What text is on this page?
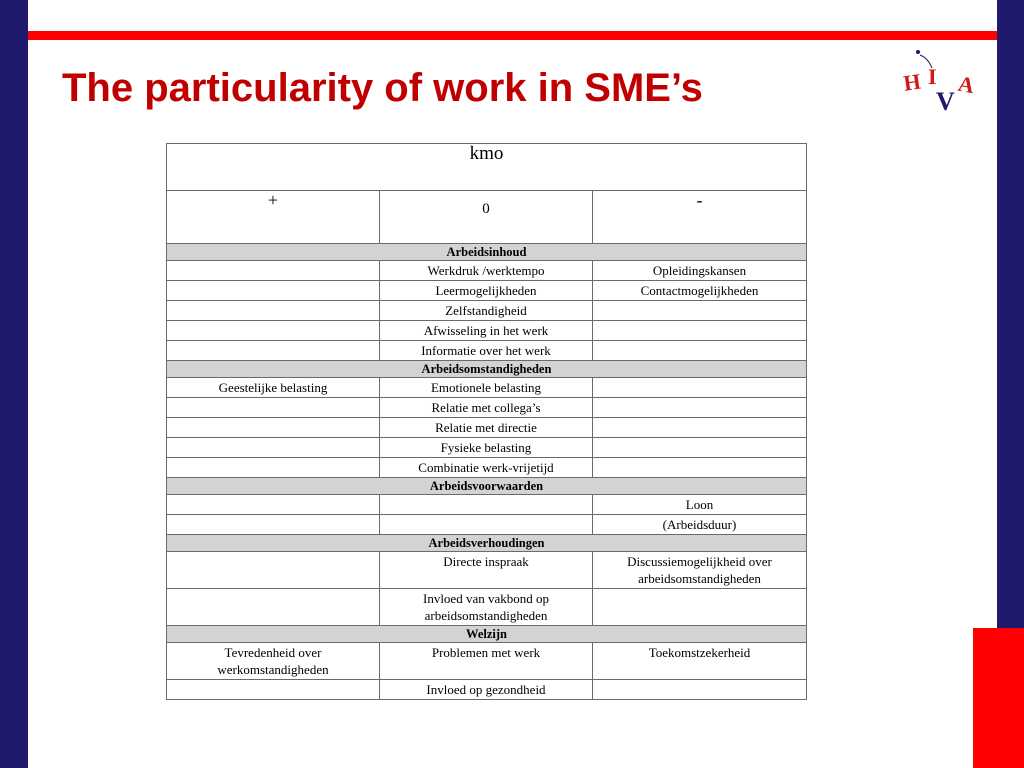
The particularity of work in SME’s	H I
V
A
kmo		
+	0	-
Arbeidsinhoud		
	Werkdruk /werktempo	Opleidingskansen
	Leermogelijkheden	Contactmogelijkheden
	Zelfstandigheid	
	Afwisseling in het werk	
	Informatie over het werk	
Arbeidsomstandigheden		
Geestelijke belasting	Emotionele belasting	
	Relatie met collega’s	
	Relatie met directie	
	Fysieke belasting	
	Combinatie werk-vrijetijd	
Arbeidsvoorwaarden		
		Loon
		(Arbeidsduur)
Arbeidsverhoudingen		
	Directe inspraak	Discussiemogelijkheid over arbeidsomstandigheden
	Invloed van vakbond op arbeidsomstandigheden	
Welzijn		
Tevredenheid over werkomstandigheden	Problemen met werk	Toekomstzekerheid
	Invloed op gezondheid	
